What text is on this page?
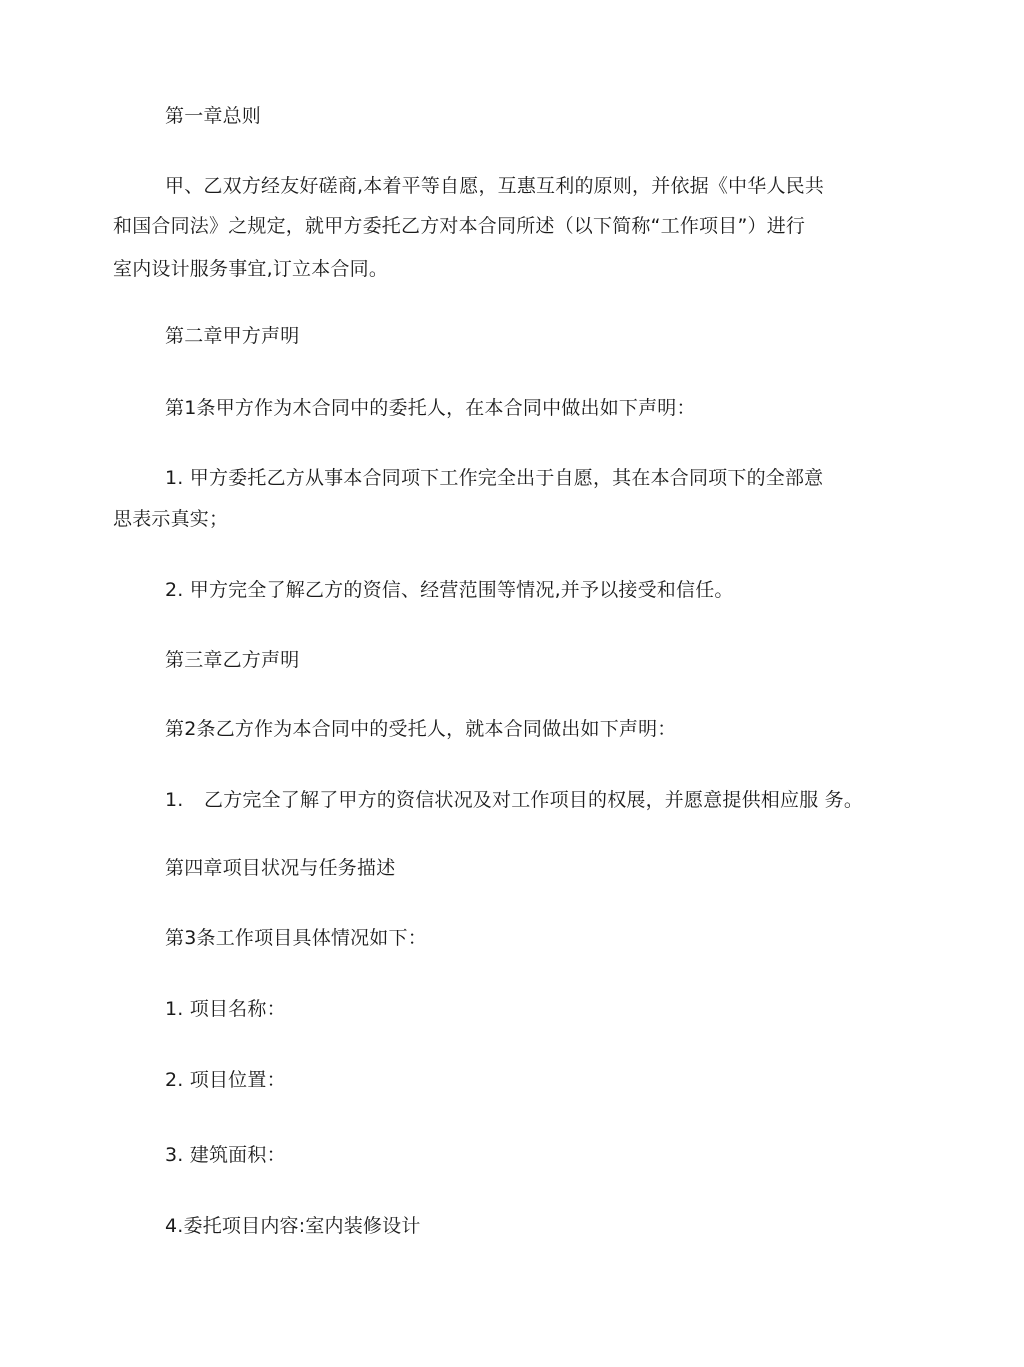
第一章总则
甲、乙双方经友好磋商,本着平等自愿，互惠互利的原则，并依据《中华人民共
和国合同法》之规定，就甲方委托乙方对本合同所述（以下简称“工作项目”）进行
室内设计服务事宜,订立本合同。
第二章甲方声明
第1条甲方作为木合同中的委托人，在本合同中做出如下声明：
1. 甲方委托乙方从事本合同项下工作完全出于自愿，其在本合同项下的全部意
思表示真实；
2. 甲方完全了解乙方的资信、经营范围等情况,并予以接受和信任。
第三章乙方声明
第2条乙方作为本合同中的受托人，就本合同做出如下声明：
1. 乙方完全了解了甲方的资信状况及对工作项目的权展，并愿意提供相应服 务。
第四章项目状况与任务描述
第3条工作项目具体情况如下：
1. 项目名称：
2. 项目位置：
3. 建筑面积：
4.委托项目内容:室内装修设计
